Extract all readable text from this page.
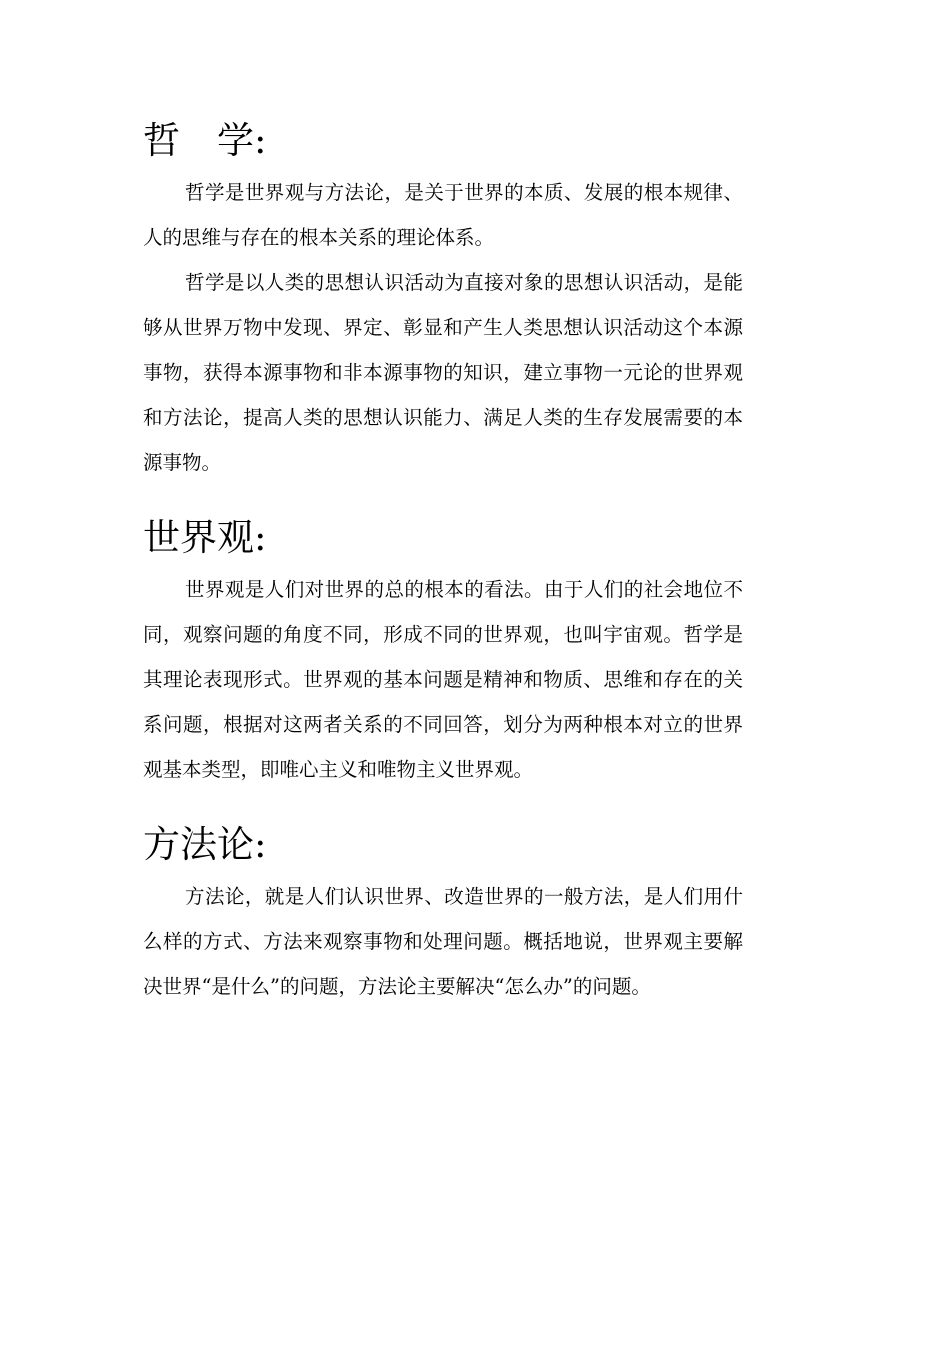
哲　学:

哲学是世界观与方法论，是关于世界的本质、发展的根本规律、人的思维与存在的根本关系的理论体系。

哲学是以人类的思想认识活动为直接对象的思想认识活动，是能够从世界万物中发现、界定、彰显和产生人类思想认识活动这个本源事物，获得本源事物和非本源事物的知识，建立事物一元论的世界观和方法论，提高人类的思想认识能力、满足人类的生存发展需要的本源事物。

世界观:

世界观是人们对世界的总的根本的看法。由于人们的社会地位不同，观察问题的角度不同，形成不同的世界观，也叫宇宙观。哲学是其理论表现形式。世界观的基本问题是精神和物质、思维和存在的关系问题，根据对这两者关系的不同回答，划分为两种根本对立的世界观基本类型，即唯心主义和唯物主义世界观。

方法论:

方法论，就是人们认识世界、改造世界的一般方法，是人们用什么样的方式、方法来观察事物和处理问题。概括地说，世界观主要解决世界“是什么”的问题，方法论主要解决“怎么办”的问题。
